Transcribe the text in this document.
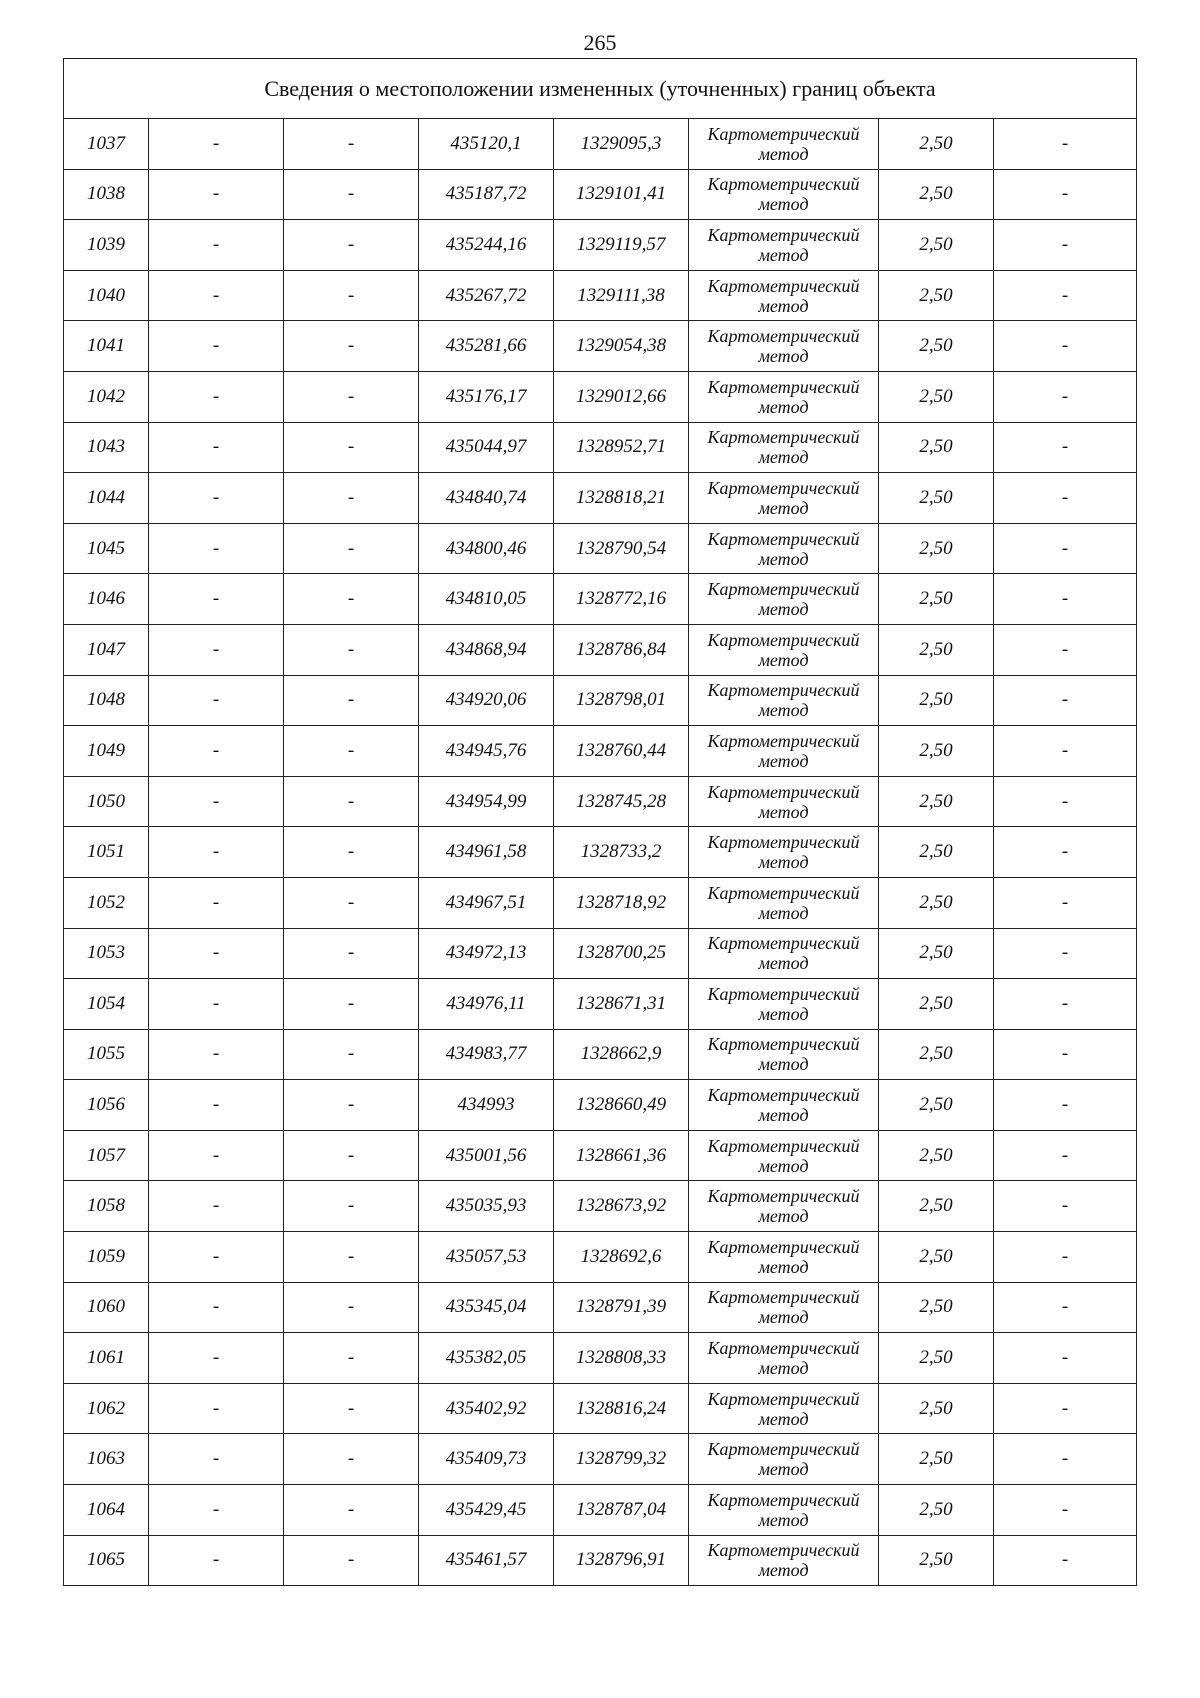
265
Сведения о местоположении измененных (уточненных) границ объекта							
1037	-	-	435120,1	1329095,3	Картометрический метод	2,50	-
1038	-	-	435187,72	1329101,41	Картометрический метод	2,50	-
1039	-	-	435244,16	1329119,57	Картометрический метод	2,50	-
1040	-	-	435267,72	1329111,38	Картометрический метод	2,50	-
1041	-	-	435281,66	1329054,38	Картометрический метод	2,50	-
1042	-	-	435176,17	1329012,66	Картометрический метод	2,50	-
1043	-	-	435044,97	1328952,71	Картометрический метод	2,50	-
1044	-	-	434840,74	1328818,21	Картометрический метод	2,50	-
1045	-	-	434800,46	1328790,54	Картометрический метод	2,50	-
1046	-	-	434810,05	1328772,16	Картометрический метод	2,50	-
1047	-	-	434868,94	1328786,84	Картометрический метод	2,50	-
1048	-	-	434920,06	1328798,01	Картометрический метод	2,50	-
1049	-	-	434945,76	1328760,44	Картометрический метод	2,50	-
1050	-	-	434954,99	1328745,28	Картометрический метод	2,50	-
1051	-	-	434961,58	1328733,2	Картометрический метод	2,50	-
1052	-	-	434967,51	1328718,92	Картометрический метод	2,50	-
1053	-	-	434972,13	1328700,25	Картометрический метод	2,50	-
1054	-	-	434976,11	1328671,31	Картометрический метод	2,50	-
1055	-	-	434983,77	1328662,9	Картометрический метод	2,50	-
1056	-	-	434993	1328660,49	Картометрический метод	2,50	-
1057	-	-	435001,56	1328661,36	Картометрический метод	2,50	-
1058	-	-	435035,93	1328673,92	Картометрический метод	2,50	-
1059	-	-	435057,53	1328692,6	Картометрический метод	2,50	-
1060	-	-	435345,04	1328791,39	Картометрический метод	2,50	-
1061	-	-	435382,05	1328808,33	Картометрический метод	2,50	-
1062	-	-	435402,92	1328816,24	Картометрический метод	2,50	-
1063	-	-	435409,73	1328799,32	Картометрический метод	2,50	-
1064	-	-	435429,45	1328787,04	Картометрический метод	2,50	-
1065	-	-	435461,57	1328796,91	Картометрический метод	2,50	-
